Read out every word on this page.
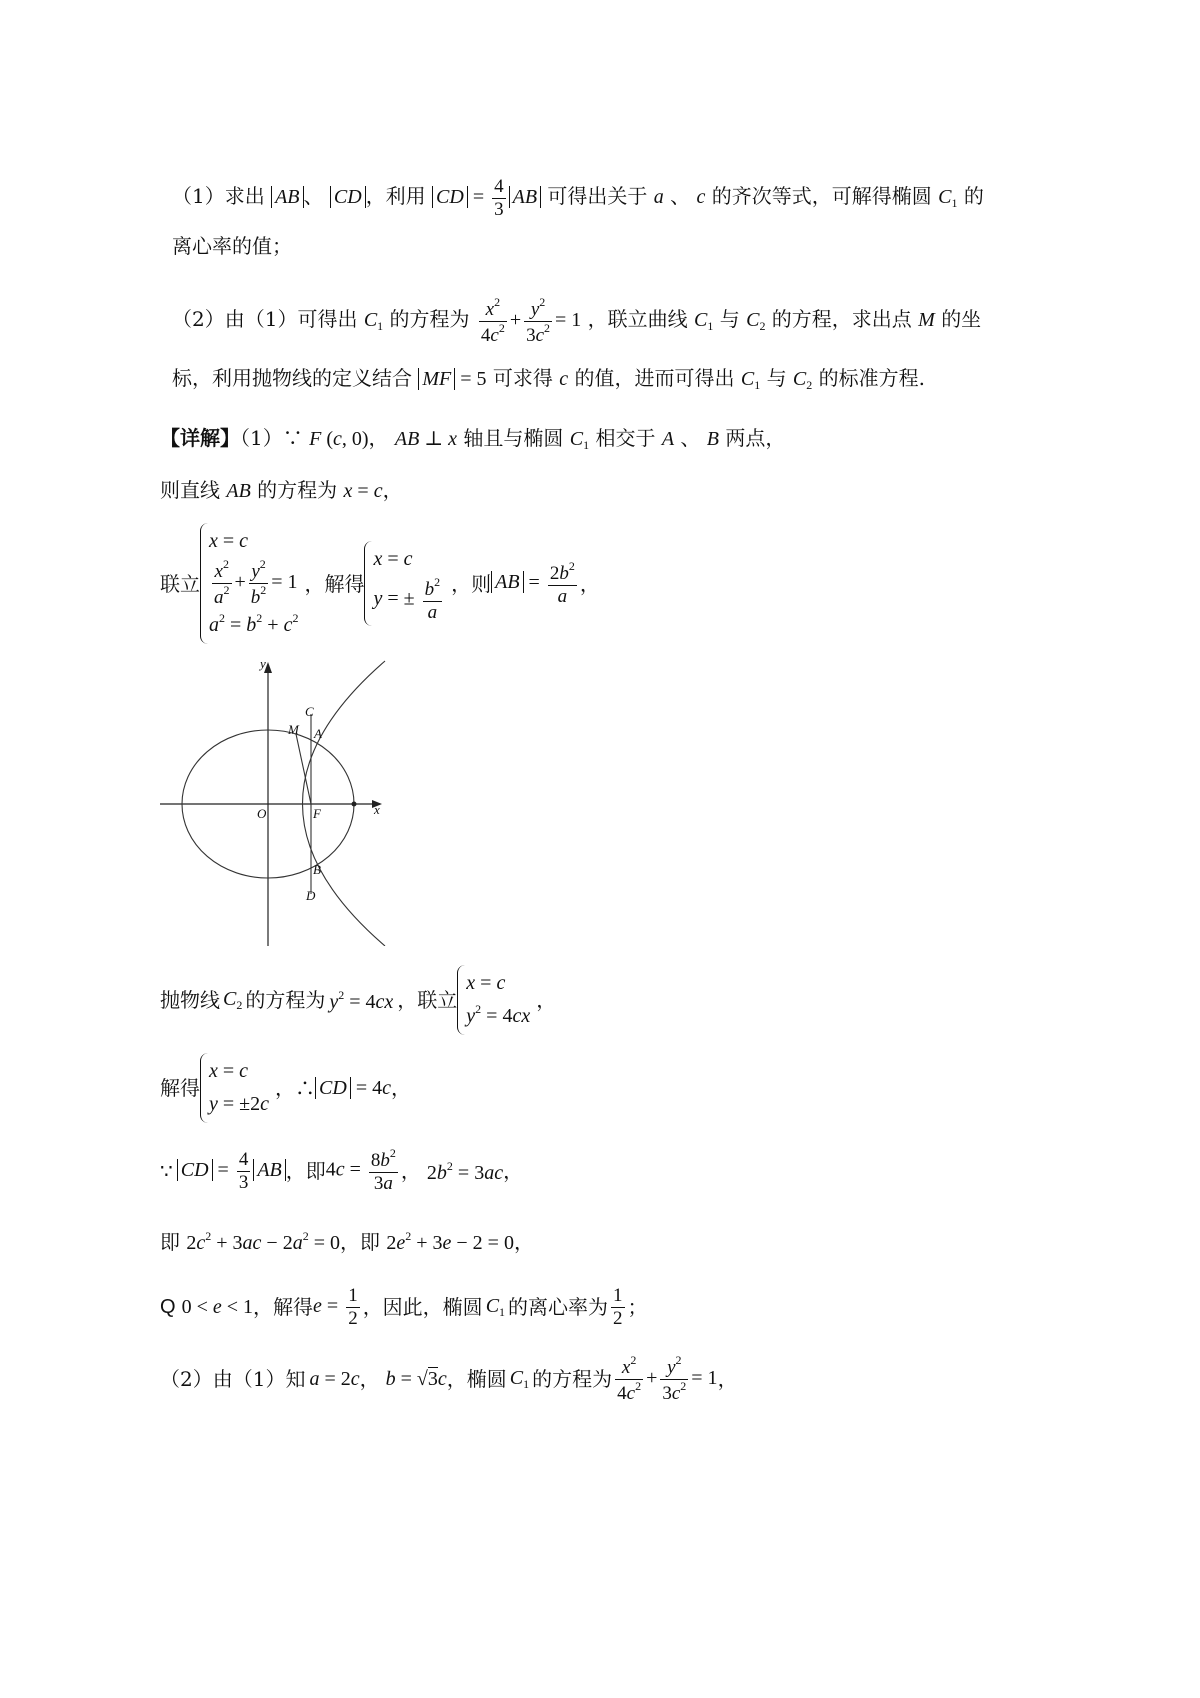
（1）求出 AB 、 CD ，利用 CD = $\frac{4}{3}$ AB 可得出关于 a 、 c 的齐次等式，可解得椭圆 $C_1$ 的
离心率的值；
（2）由（1）可得出 $C_1$ 的方程为 $\frac{x^2}{4c^2} + \frac{y^2}{3c^2} = 1$ ，联立曲线 $C_1$ 与 $C_2$ 的方程，求出点 M 的坐
标，利用抛物线的定义结合 MF = 5 可求得 c 的值，进而可得出 $C_1$ 与 $C_2$ 的标准方程.
【详解】（1）∵ F (c, 0)， AB ⊥ x 轴且与椭圆 $C_1$ 相交于 A 、 B 两点，
则直线 AB 的方程为 x = c，
联立
x = c
$\frac{x^2}{a^2} + \frac{y^2}{b^2} = 1$
$a^2 = b^2 + c^2$
，解得
x = c
y = ± $\frac{b^2}{a}$ ，则 AB = $\frac{2b^2}{a}$ ，
y
x
O	F
C
M A
B
D
抛物线 $C_2$ 的方程为 $y^2 = 4cx$ ，联立
x = c
$y^2 = 4cx$
，
解得
x = c
y = ±2c
，∴ CD = 4c ，
∵ CD = $\frac{4}{3}$ AB ，即 $4c = \frac{8b^2}{3a}$ ， $2b^2 = 3ac$ ，
即 $2c^2 + 3ac - 2a^2 = 0$，即 $2e^2 + 3e - 2 = 0$，
Q 0 < e < 1 ，解得 $e = \frac{1}{2}$ ，因此，椭圆 $C_1$ 的离心率为 $\frac{1}{2}$ ；
（2）由（1）知 a = 2c ， b = √3c ，椭圆 $C_1$ 的方程为 $\frac{x^2}{4c^2} + \frac{y^2}{3c^2} = 1$ ，
